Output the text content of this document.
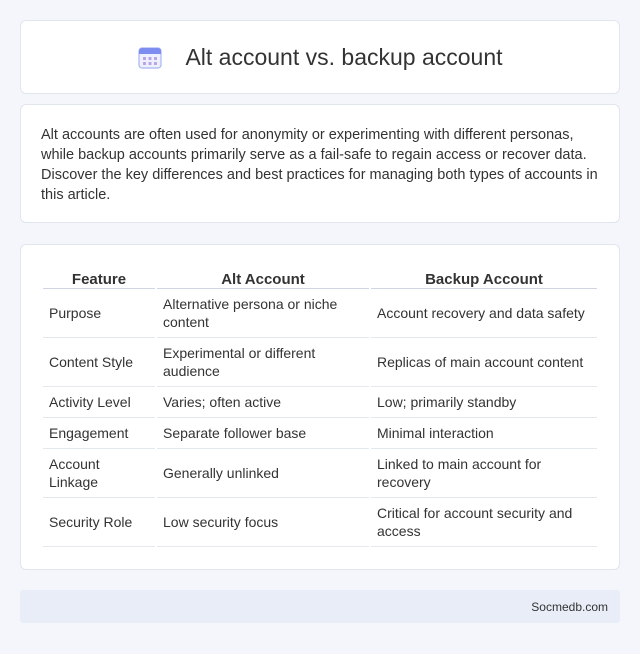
Alt account vs. backup account

Alt accounts are often used for anonymity or experimenting with different personas, while backup accounts primarily serve as a fail-safe to regain access or recover data. Discover the key differences and best practices for managing both types of accounts in this article.

Feature	Alt Account	Backup Account
Purpose	Alternative persona or niche content	Account recovery and data safety
Content Style	Experimental or different audience	Replicas of main account content
Activity Level	Varies; often active	Low; primarily standby
Engagement	Separate follower base	Minimal interaction
Account Linkage	Generally unlinked	Linked to main account for recovery
Security Role	Low security focus	Critical for account security and access
Socmedb.com
